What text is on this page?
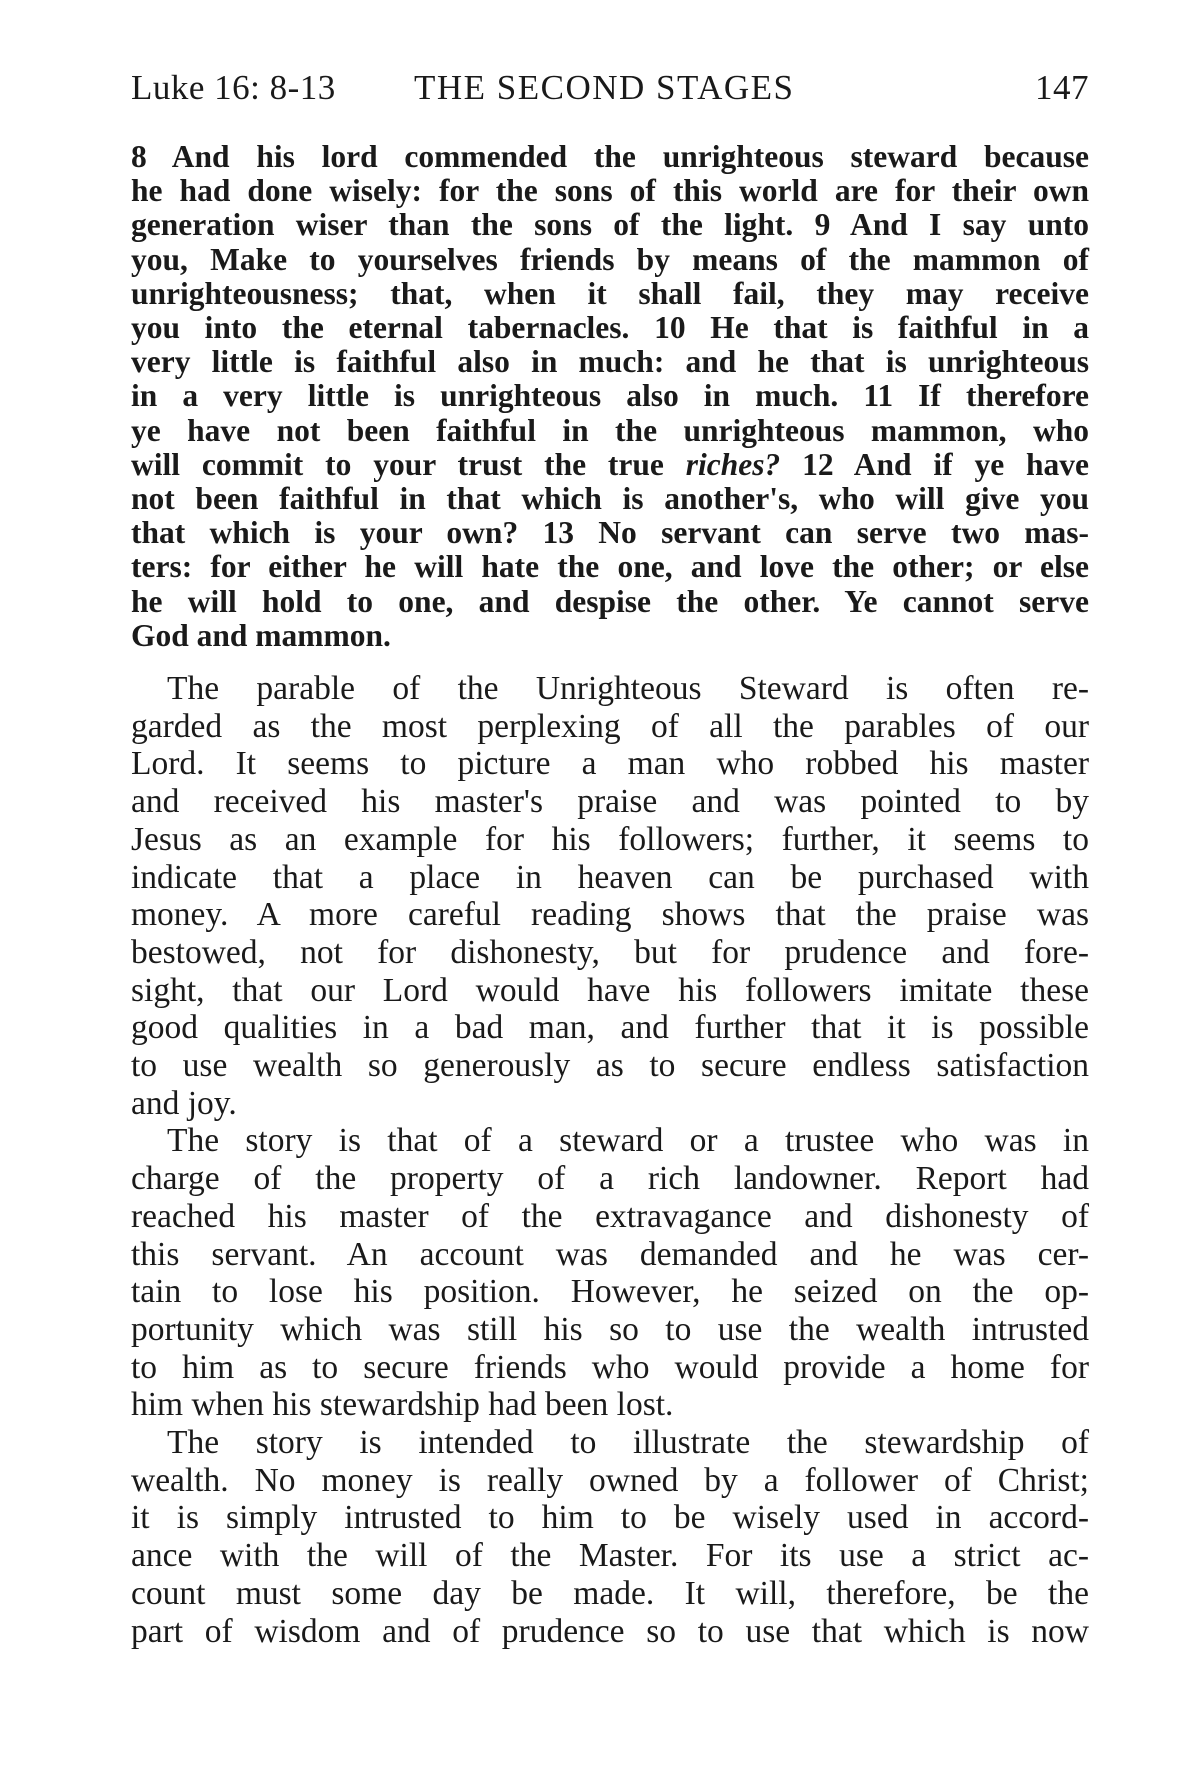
Luke 16: 8-13 THE SECOND STAGES	147
8 And his lord commended the unrighteous steward because
he had done wisely: for the sons of this world are for their own
generation wiser than the sons of the light. 9 And I say unto
you, Make to yourselves friends by means of the mammon of
unrighteousness; that, when it shall fail, they may receive
you into the eternal tabernacles. 10 He that is faithful in a
very little is faithful also in much: and he that is unrighteous
in a very little is unrighteous also in much. 11 If therefore
ye have not been faithful in the unrighteous mammon, who
will commit to your trust the true riches? 12 And if ye have
not been faithful in that which is another's, who will give you
that which is your own? 13 No servant can serve two mas-
ters: for either he will hate the one, and love the other; or else
he will hold to one, and despise the other. Ye cannot serve
God and mammon.
The parable of the Unrighteous Steward is often re-
garded as the most perplexing of all the parables of our
Lord. It seems to picture a man who robbed his master
and received his master's praise and was pointed to by
Jesus as an example for his followers; further, it seems to
indicate that a place in heaven can be purchased with
money. A more careful reading shows that the praise was
bestowed, not for dishonesty, but for prudence and fore-
sight, that our Lord would have his followers imitate these
good qualities in a bad man, and further that it is possible
to use wealth so generously as to secure endless satisfaction
and joy.
The story is that of a steward or a trustee who was in
charge of the property of a rich landowner. Report had
reached his master of the extravagance and dishonesty of
this servant. An account was demanded and he was cer-
tain to lose his position. However, he seized on the op-
portunity which was still his so to use the wealth intrusted
to him as to secure friends who would provide a home for
him when his stewardship had been lost.
The story is intended to illustrate the stewardship of
wealth. No money is really owned by a follower of Christ;
it is simply intrusted to him to be wisely used in accord-
ance with the will of the Master. For its use a strict ac-
count must some day be made. It will, therefore, be the
part of wisdom and of prudence so to use that which is now
